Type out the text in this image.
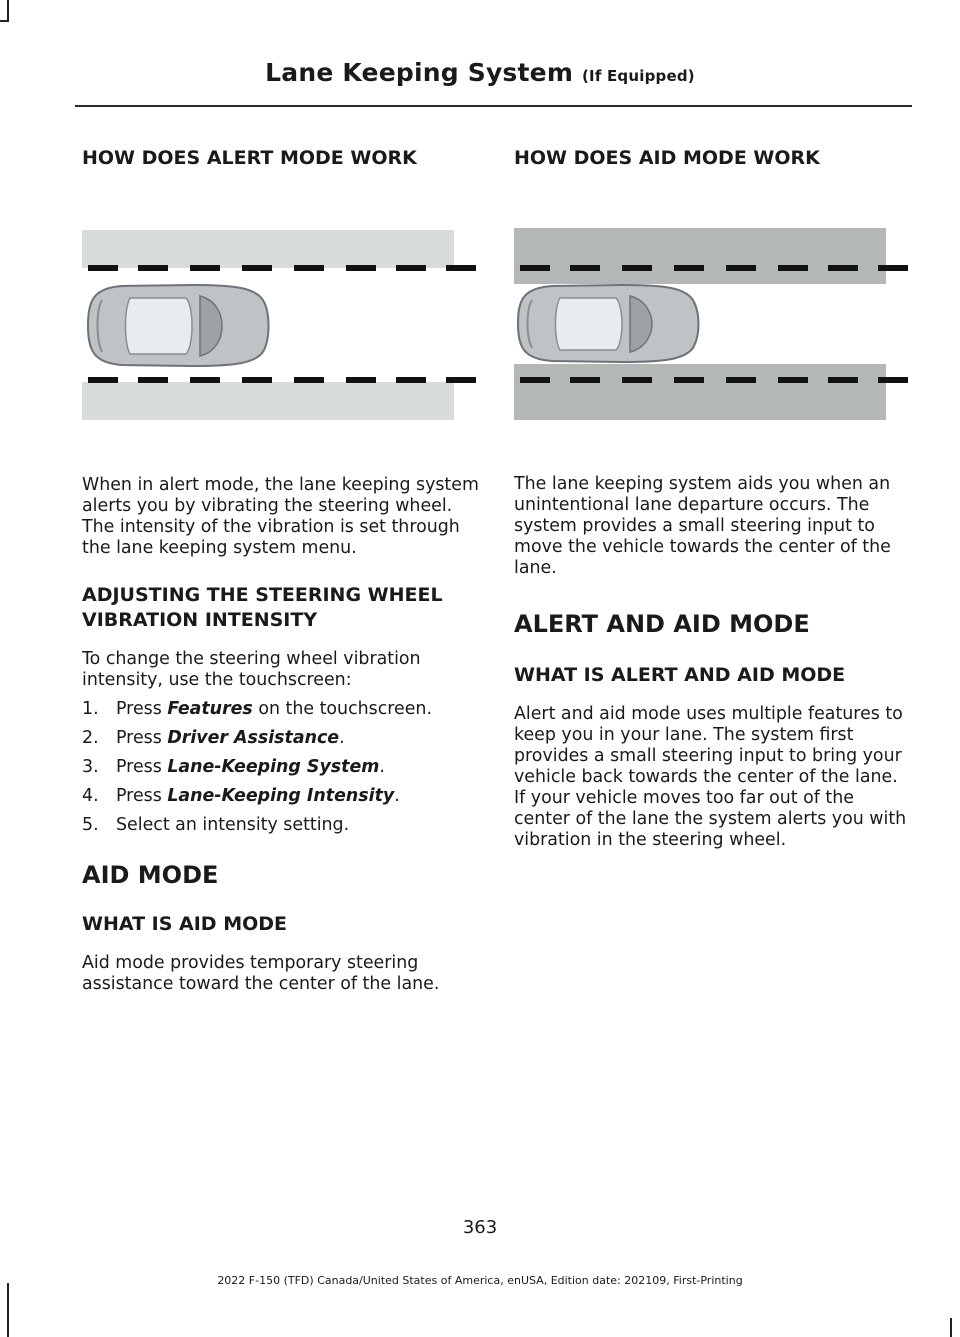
Lane Keeping System (If Equipped)
HOW DOES ALERT MODE WORK

When in alert mode, the lane keeping system alerts you by vibrating the steering wheel. The intensity of the vibration is set through the lane keeping system menu.

ADJUSTING THE STEERING WHEEL VIBRATION INTENSITY

To change the steering wheel vibration intensity, use the touchscreen:

1.	Press Features on the touchscreen.
2.	Press Driver Assistance.
3.	Press Lane-Keeping System.
4.	Press Lane-Keeping Intensity.
5.	Select an intensity setting.
AID MODE
WHAT IS AID MODE

Aid mode provides temporary steering assistance toward the center of the lane.

HOW DOES AID MODE WORK

The lane keeping system aids you when an unintentional lane departure occurs. The system provides a small steering input to move the vehicle towards the center of the lane.

ALERT AND AID MODE
WHAT IS ALERT AND AID MODE

Alert and aid mode uses multiple features to keep you in your lane. The system first provides a small steering input to bring your vehicle back towards the center of the lane. If your vehicle moves too far out of the center of the lane the system alerts you with vibration in the steering wheel.

363
2022 F-150 (TFD) Canada/United States of America, enUSA, Edition date: 202109, First-Printing
